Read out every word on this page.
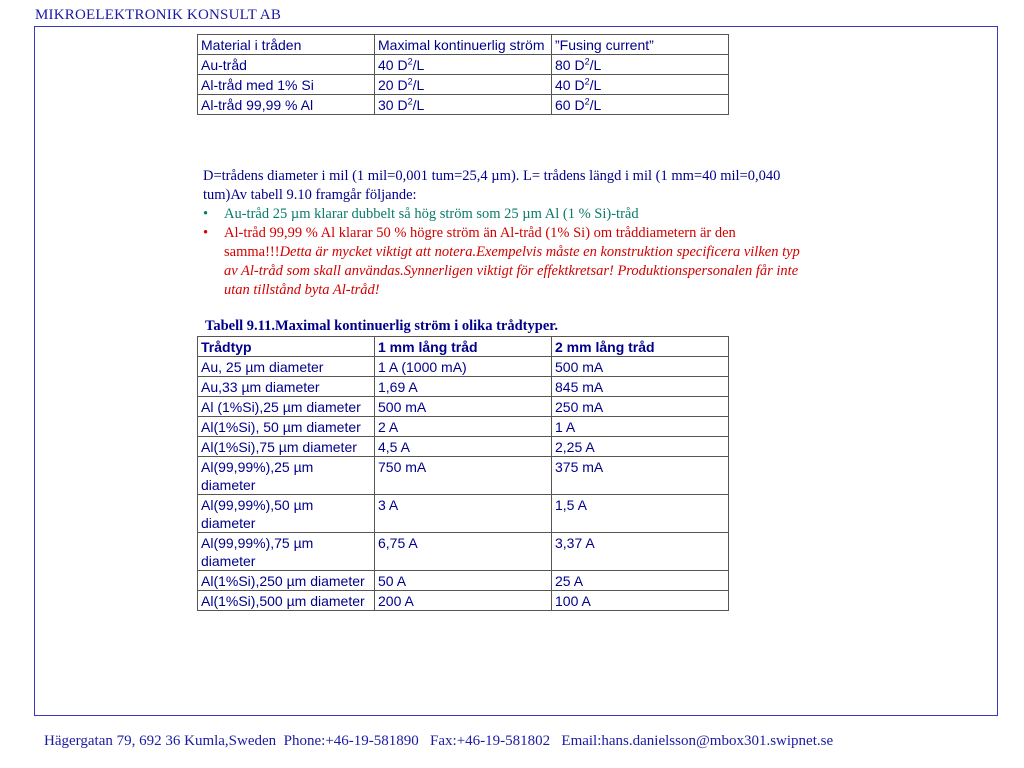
MIKROELEKTRONIK KONSULT AB
Material i tråden	Maximal kontinuerlig ström	”Fusing current”
Au-tråd	40 $D^2/L$	80 $D^2/L$
Al-tråd med 1% Si	20 $D^2/L$	40 $D^2/L$
Al-tråd 99,99 % Al	30 $D^2/L$	60 $D^2/L$
D=trådens diameter i mil (1 mil=0,001 tum=25,4 µm). L= trådens längd i mil (1 mm=40 mil=0,040 tum)Av tabell 9.10 framgår följande:
• Au-tråd 25 µm klarar dubbelt så hög ström som 25 µm Al (1 % Si)-tråd
• Al-tråd 99,99 % Al klarar 50 % högre ström än Al-tråd (1% Si) om tråddiametern är den samma!!!Detta är mycket viktigt att notera.Exempelvis måste en konstruktion specificera vilken typ av Al-tråd som skall användas.Synnerligen viktigt för effektkretsar! Produktionspersonalen får inte utan tillstånd byta Al-tråd!
Tabell 9.11.Maximal kontinuerlig ström i olika trådtyper.
Trådtyp	1 mm lång tråd	2 mm lång tråd
Au, 25 µm diameter	1 A (1000 mA)	500 mA
Au,33 µm diameter	1,69 A	845 mA
Al (1%Si),25 µm diameter	500 mA	250 mA
Al(1%Si), 50 µm diameter	2 A	1 A
Al(1%Si),75 µm diameter	4,5 A	2,25 A
Al(99,99%),25 µm diameter	750 mA	375 mA
Al(99,99%),50 µm diameter	3 A	1,5 A
Al(99,99%),75 µm diameter	6,75 A	3,37 A
Al(1%Si),250 µm diameter	50 A	25 A
Al(1%Si),500 µm diameter	200 A	100 A
Hägergatan 79, 692 36 Kumla,Sweden  Phone:+46-19-581890   Fax:+46-19-581802   Email:hans.danielsson@mbox301.swipnet.se
